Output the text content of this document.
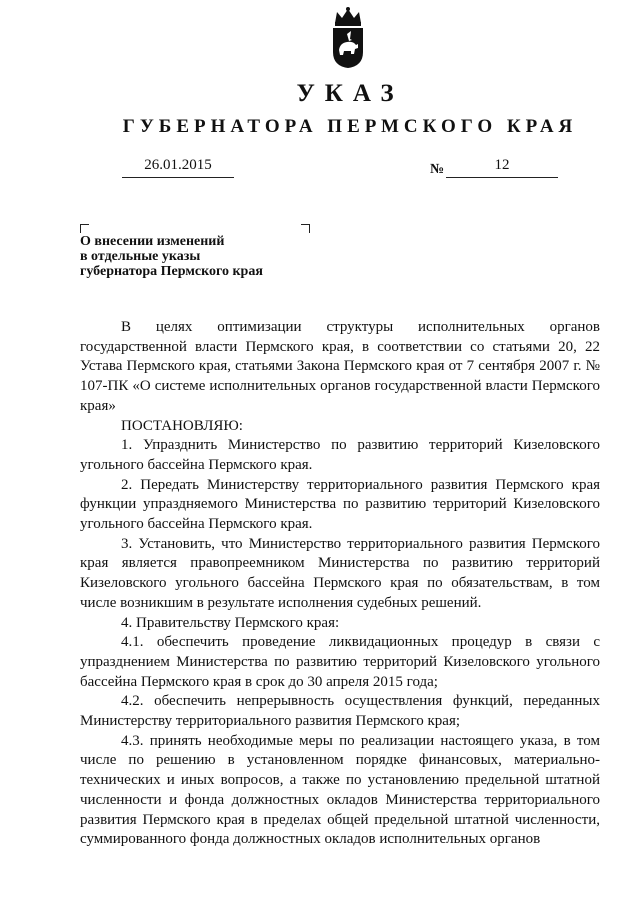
УКАЗ
ГУБЕРНАТОРА ПЕРМСКОГО КРАЯ
26.01.2015	№	12
О внесении изменений
в отдельные указы
губернатора Пермского края

В целях оптимизации структуры исполнительных органов государственной власти Пермского края, в соответствии со статьями 20, 22 Устава Пермского края, статьями Закона Пермского края от 7 сентября 2007 г. № 107-ПК «О системе исполнительных органов государственной власти Пермского края»

ПОСТАНОВЛЯЮ:

1. Упразднить Министерство по развитию территорий Кизеловского угольного бассейна Пермского края.

2. Передать Министерству территориального развития Пермского края функции упраздняемого Министерства по развитию территорий Кизеловского угольного бассейна Пермского края.

3. Установить, что Министерство территориального развития Пермского края является правопреемником Министерства по развитию территорий Кизеловского угольного бассейна Пермского края по обязательствам, в том числе возникшим в результате исполнения судебных решений.

4. Правительству Пермского края:

4.1. обеспечить проведение ликвидационных процедур в связи с упразднением Министерства по развитию территорий Кизеловского угольного бассейна Пермского края в срок до 30 апреля 2015 года;

4.2. обеспечить непрерывность осуществления функций, переданных Министерству территориального развития Пермского края;

4.3. принять необходимые меры по реализации настоящего указа, в том числе по решению в установленном порядке финансовых, материально-технических и иных вопросов, а также по установлению предельной штатной численности и фонда должностных окладов Министерства территориального развития Пермского края в пределах общей предельной штатной численности, суммированного фонда должностных окладов исполнительных органов
